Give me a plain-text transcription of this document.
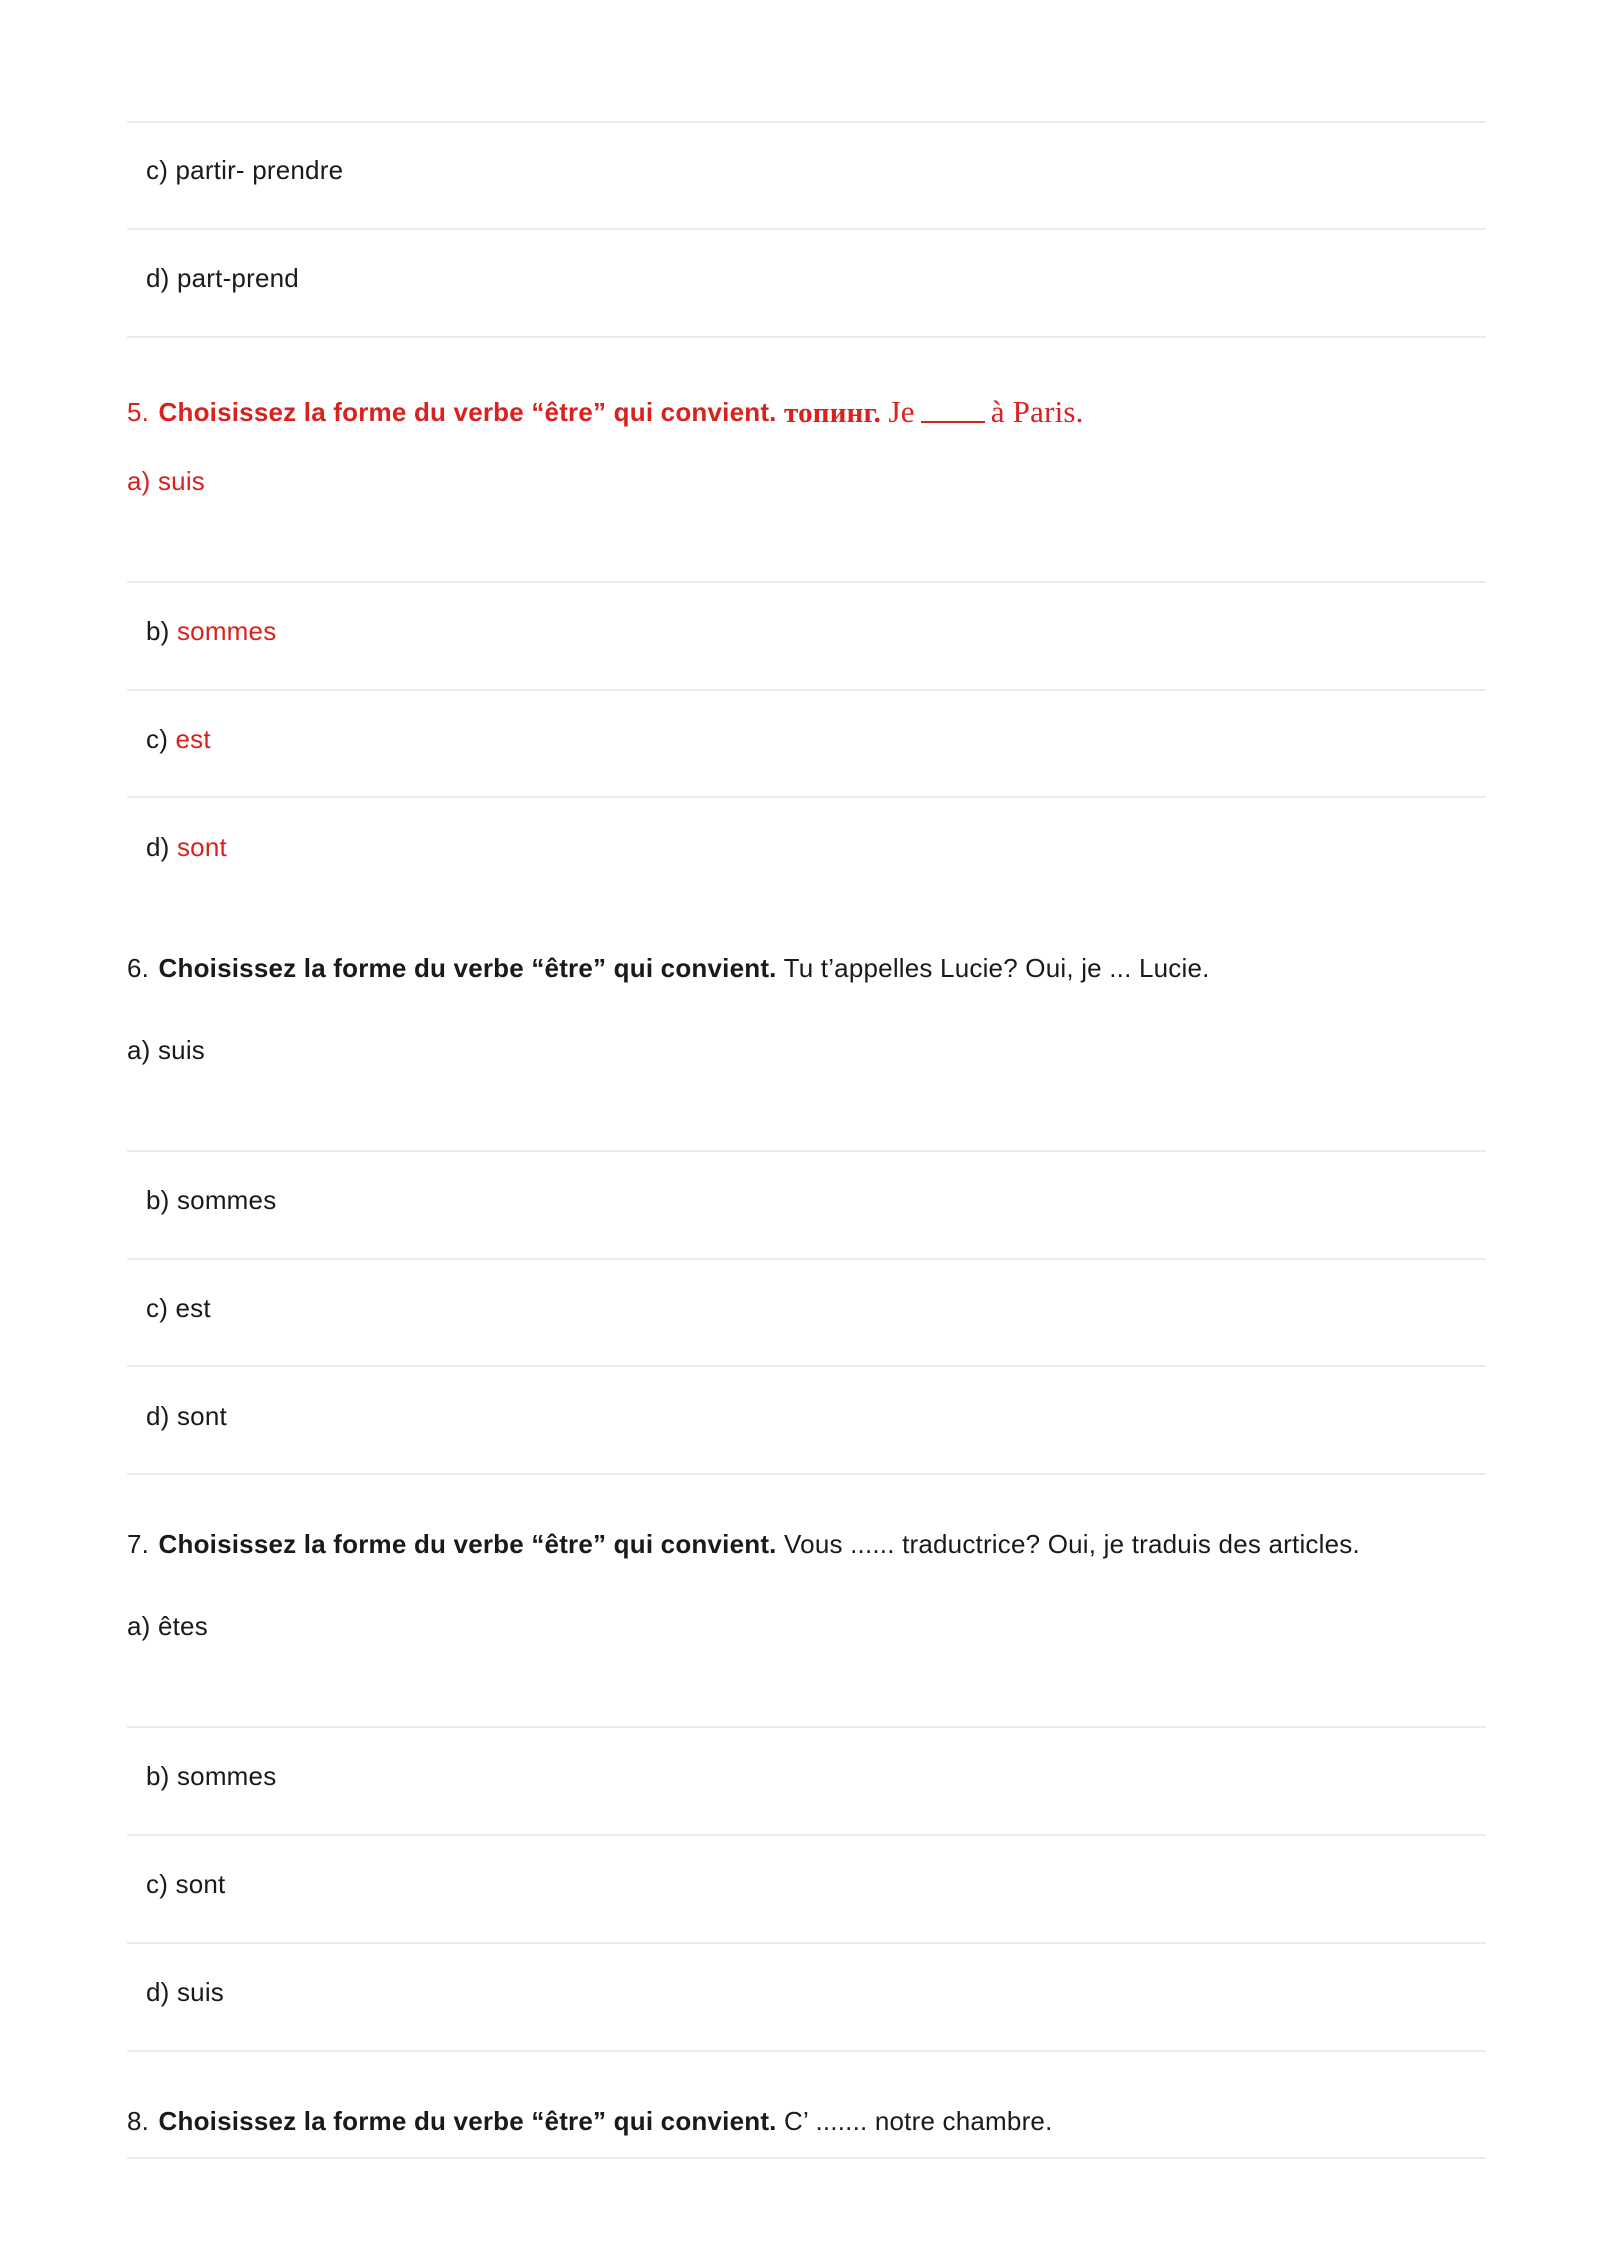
c) partir- prendre
d) part-prend
5. Choisissez la forme du verbe “être” qui convient. топинг. Je à Paris.
a) suis
b) sommes
c) est
d) sont
6. Choisissez la forme du verbe “être” qui convient. Tu t’appelles Lucie? Oui, je ... Lucie.
a) suis
b) sommes
c) est
d) sont
7. Choisissez la forme du verbe “être” qui convient. Vous ...... traductrice? Oui, je traduis des articles.
a) êtes
b) sommes
c) sont
d) suis
8. Choisissez la forme du verbe “être” qui convient. C’ ....... notre chambre.
